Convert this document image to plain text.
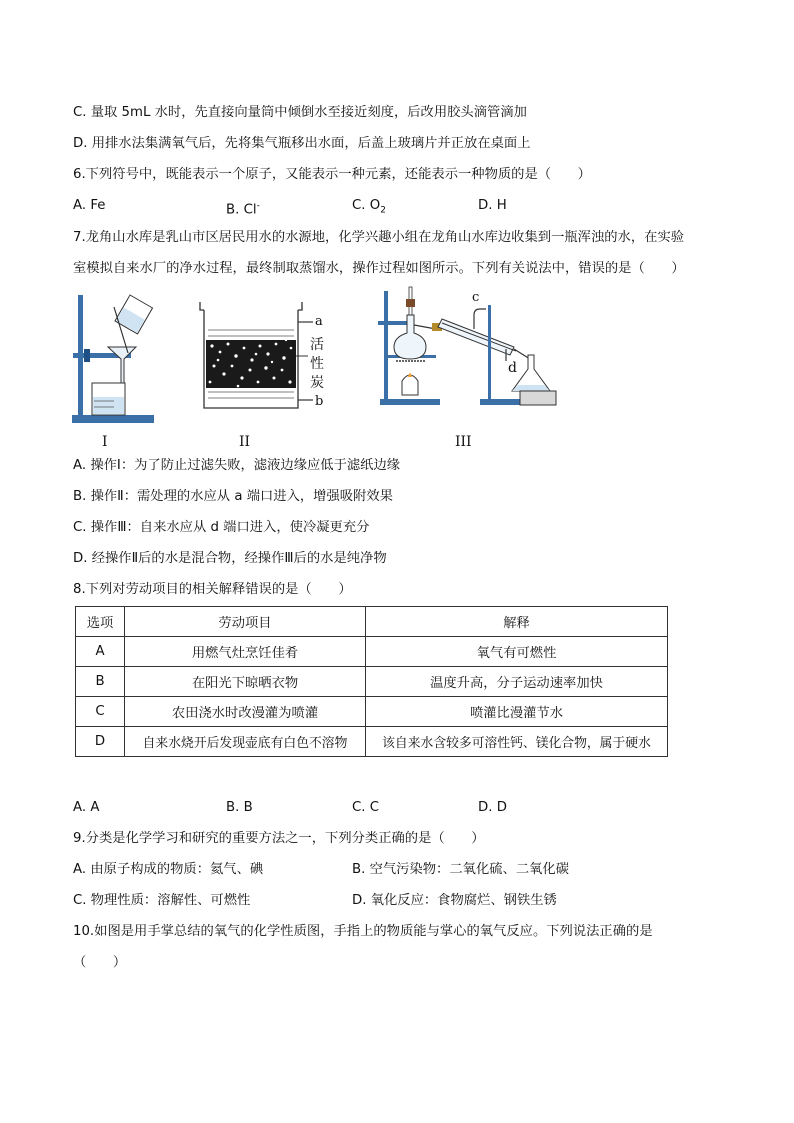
C. 量取 5mL 水时，先直接向量筒中倾倒水至接近刻度，后改用胶头滴管滴加
D. 用排水法集满氧气后，先将集气瓶移出水面，后盖上玻璃片并正放在桌面上
6.下列符号中，既能表示一个原子，又能表示一种元素，还能表示一种物质的是（　　）
A. Fe	B. Cl-	C. $O_2$	D. H
7.龙角山水库是乳山市区居民用水的水源地，化学兴趣小组在龙角山水库边收集到一瓶浑浊的水，在实验
室模拟自来水厂的净水过程，最终制取蒸馏水，操作过程如图所示。下列有关说法中，错误的是（　　）
I
a
b
活
性
炭
II
c
d
III
A. 操作Ⅰ：为了防止过滤失败，滤液边缘应低于滤纸边缘
B. 操作Ⅱ：需处理的水应从 a 端口进入，增强吸附效果
C. 操作Ⅲ：自来水应从 d 端口进入，使冷凝更充分
D. 经操作Ⅱ后的水是混合物，经操作Ⅲ后的水是纯净物
8.下列对劳动项目的相关解释错误的是（　　）
选项	劳动项目	解释
A	用燃气灶烹饪佳肴	氧气有可燃性
B	在阳光下晾晒衣物	温度升高，分子运动速率加快
C	农田浇水时改漫灌为喷灌	喷灌比漫灌节水
D	自来水烧开后发现壶底有白色不溶物	该自来水含较多可溶性钙、镁化合物，属于硬水
A. A	B. B	C. C	D. D
9.分类是化学学习和研究的重要方法之一，下列分类正确的是（　　）
A. 由原子构成的物质：氦气、碘	B. 空气污染物：二氧化硫、二氧化碳
C. 物理性质：溶解性、可燃性	D. 氧化反应：食物腐烂、钢铁生锈
10.如图是用手掌总结的氧气的化学性质图，手指上的物质能与掌心的氧气反应。下列说法正确的是
（　　）
